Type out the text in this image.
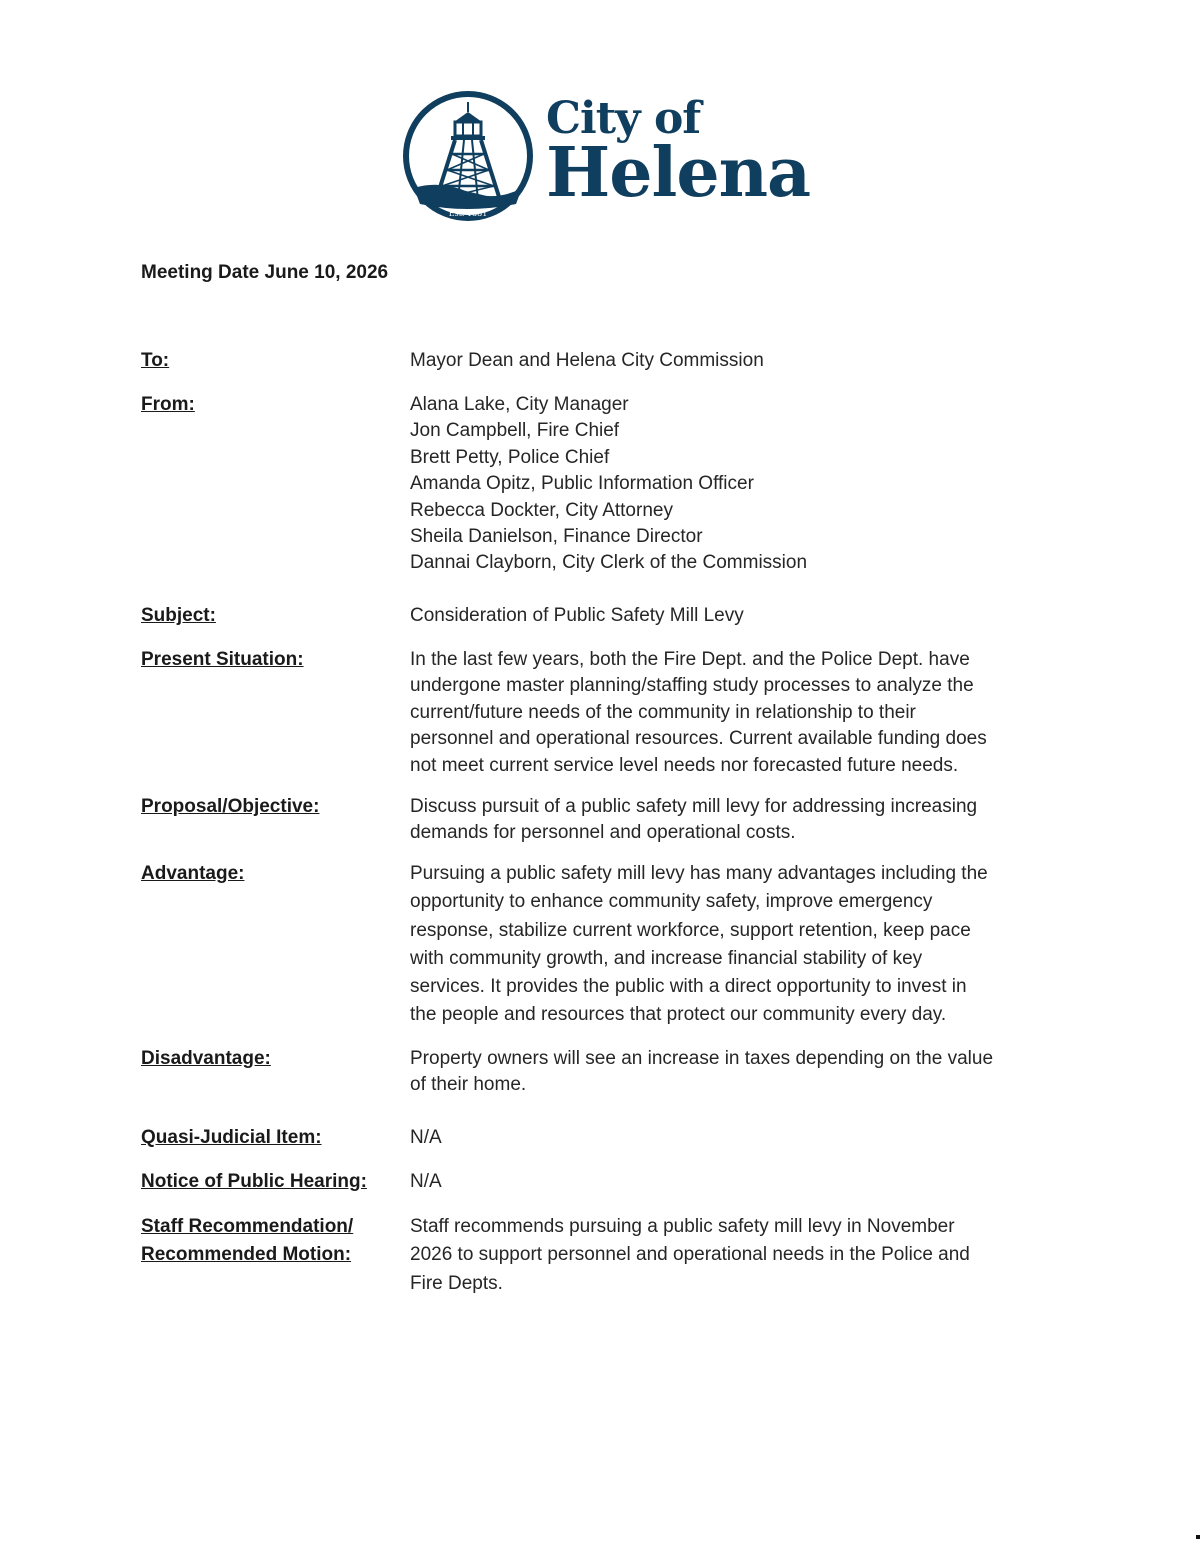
Est. 1881
City of
Helena
Meeting Date June 10, 2026
To:	Mayor Dean and Helena City Commission
From:	Alana Lake, City Manager
Jon Campbell, Fire Chief
Brett Petty, Police Chief
Amanda Opitz, Public Information Officer
Rebecca Dockter, City Attorney
Sheila Danielson, Finance Director
Dannai Clayborn, City Clerk of the Commission
Subject:	Consideration of Public Safety Mill Levy
Present Situation:	In the last few years, both the Fire Dept. and the Police Dept. have
undergone master planning/staffing study processes to analyze the
current/future needs of the community in relationship to their
personnel and operational resources. Current available funding does
not meet current service level needs nor forecasted future needs.
Proposal/Objective:	Discuss pursuit of a public safety mill levy for addressing increasing
demands for personnel and operational costs.
Advantage:	Pursuing a public safety mill levy has many advantages including the
opportunity to enhance community safety, improve emergency
response, stabilize current workforce, support retention, keep pace
with community growth, and increase financial stability of key
services. It provides the public with a direct opportunity to invest in
the people and resources that protect our community every day.
Disadvantage:	Property owners will see an increase in taxes depending on the value
of their home.
Quasi-Judicial Item:	N/A
Notice of Public Hearing:	N/A
Staff Recommendation/
Recommended Motion:
Staff recommends pursuing a public safety mill levy in November
2026 to support personnel and operational needs in the Police and
Fire Depts.
